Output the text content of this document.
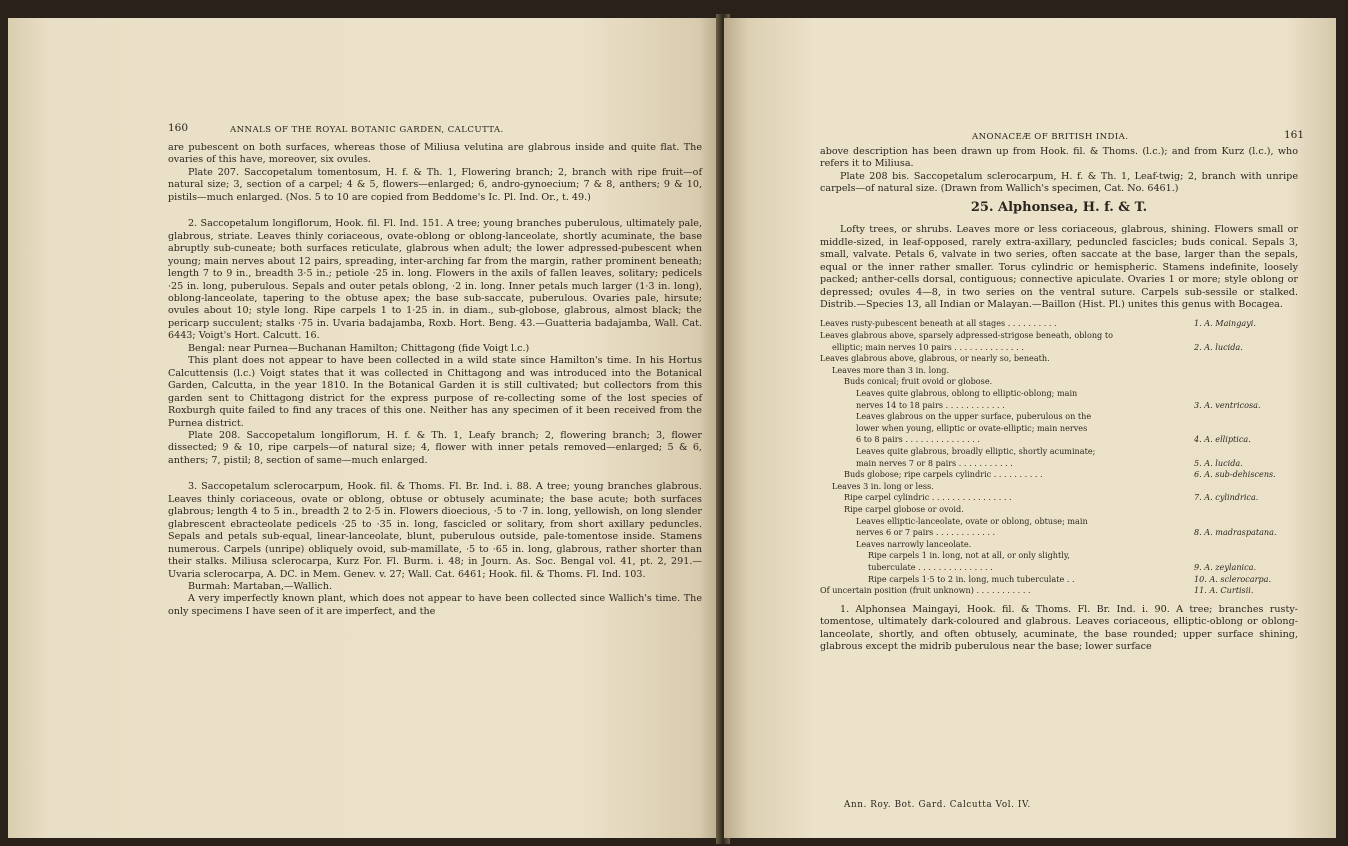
160	ANNALS OF THE ROYAL BOTANIC GARDEN, CALCUTTA.

are pubescent on both surfaces, whereas those of Miliusa velutina are glabrous inside and quite flat. The ovaries of this have, moreover, six ovules.

Plate 207. Saccopetalum tomentosum, H. f. & Th. 1, Flowering branch; 2, branch with ripe fruit—of natural size; 3, section of a carpel; 4 & 5, flowers—enlarged; 6, andro-gynoecium; 7 & 8, anthers; 9 & 10, pistils—much enlarged. (Nos. 5 to 10 are copied from Beddome's Ic. Pl. Ind. Or., t. 49.)

2. Saccopetalum longiflorum, Hook. fil. Fl. Ind. 151. A tree; young branches puberulous, ultimately pale, glabrous, striate. Leaves thinly coriaceous, ovate-oblong or oblong-lanceolate, shortly acuminate, the base abruptly sub-cuneate; both surfaces reticulate, glabrous when adult; the lower adpressed-pubescent when young; main nerves about 12 pairs, spreading, inter-arching far from the margin, rather prominent beneath; length 7 to 9 in., breadth 3·5 in.; petiole ·25 in. long. Flowers in the axils of fallen leaves, solitary; pedicels ·25 in. long, puberulous. Sepals and outer petals oblong, ·2 in. long. Inner petals much larger (1·3 in. long), oblong-lanceolate, tapering to the obtuse apex; the base sub-saccate, puberulous. Ovaries pale, hirsute; ovules about 10; style long. Ripe carpels 1 to 1·25 in. in diam., sub-globose, glabrous, almost black; the pericarp succulent; stalks ·75 in. Uvaria badajamba, Roxb. Hort. Beng. 43.—Guatteria badajamba, Wall. Cat. 6443; Voigt's Hort. Calcutt. 16.

Bengal: near Purnea—Buchanan Hamilton; Chittagong (fide Voigt l.c.)

This plant does not appear to have been collected in a wild state since Hamilton's time. In his Hortus Calcuttensis (l.c.) Voigt states that it was collected in Chittagong and was introduced into the Botanical Garden, Calcutta, in the year 1810. In the Botanical Garden it is still cultivated; but collectors from this garden sent to Chittagong district for the express purpose of re-collecting some of the lost species of Roxburgh quite failed to find any traces of this one. Neither has any specimen of it been received from the Purnea district.

Plate 208. Saccopetalum longiflorum, H. f. & Th. 1, Leafy branch; 2, flowering branch; 3, flower dissected; 9 & 10, ripe carpels—of natural size; 4, flower with inner petals removed—enlarged; 5 & 6, anthers; 7, pistil; 8, section of same—much enlarged.

3. Saccopetalum sclerocarpum, Hook. fil. & Thoms. Fl. Br. Ind. i. 88. A tree; young branches glabrous. Leaves thinly coriaceous, ovate or oblong, obtuse or obtusely acuminate; the base acute; both surfaces glabrous; length 4 to 5 in., breadth 2 to 2·5 in. Flowers dioecious, ·5 to ·7 in. long, yellowish, on long slender glabrescent ebracteolate pedicels ·25 to ·35 in. long, fascicled or solitary, from short axillary peduncles. Sepals and petals sub-equal, linear-lanceolate, blunt, puberulous outside, pale-tomentose inside. Stamens numerous. Carpels (unripe) obliquely ovoid, sub-mamillate, ·5 to ·65 in. long, glabrous, rather shorter than their stalks. Miliusa sclerocarpa, Kurz For. Fl. Burm. i. 48; in Journ. As. Soc. Bengal vol. 41, pt. 2, 291.—Uvaria sclerocarpa, A. DC. in Mem. Genev. v. 27; Wall. Cat. 6461; Hook. fil. & Thoms. Fl. Ind. 103.

Burmah: Martaban,—Wallich.

A very imperfectly known plant, which does not appear to have been collected since Wallich's time. The only specimens I have seen of it are imperfect, and the

ANONACEÆ OF BRITISH INDIA.	161

above description has been drawn up from Hook. fil. & Thoms. (l.c.); and from Kurz (l.c.), who refers it to Miliusa.

Plate 208 bis. Saccopetalum sclerocarpum, H. f. & Th. 1, Leaf-twig; 2, branch with unripe carpels—of natural size. (Drawn from Wallich's specimen, Cat. No. 6461.)

25. Alphonsea, H. f. & T.

Lofty trees, or shrubs. Leaves more or less coriaceous, glabrous, shining. Flowers small or middle-sized, in leaf-opposed, rarely extra-axillary, peduncled fascicles; buds conical. Sepals 3, small, valvate. Petals 6, valvate in two series, often saccate at the base, larger than the sepals, equal or the inner rather smaller. Torus cylindric or hemispheric. Stamens indefinite, loosely packed; anther-cells dorsal, contiguous; connective apiculate. Ovaries 1 or more; style oblong or depressed; ovules 4—8, in two series on the ventral suture. Carpels sub-sessile or stalked. Distrib.—Species 13, all Indian or Malayan.—Baillon (Hist. Pl.) unites this genus with Bocagea.

Leaves rusty-pubescent beneath at all stages . . . . . . . . . .	1. A. Maingayi.
Leaves glabrous above, sparsely adpressed-strigose beneath, oblong to
elliptic; main nerves 10 pairs . . . . . . . . . . . . . .	2. A. lucida.
Leaves glabrous above, glabrous, or nearly so, beneath.
Leaves more than 3 in. long.
Buds conical; fruit ovoid or globose.
Leaves quite glabrous, oblong to elliptic-oblong; main
nerves 14 to 18 pairs . . . . . . . . . . . .	3. A. ventricosa.
Leaves glabrous on the upper surface, puberulous on the
lower when young, elliptic or ovate-elliptic; main nerves
6 to 8 pairs . . . . . . . . . . . . . . .	4. A. elliptica.
Leaves quite glabrous, broadly elliptic, shortly acuminate;
main nerves 7 or 8 pairs . . . . . . . . . . .	5. A. lucida.
Buds globose; ripe carpels cylindric . . . . . . . . . .	6. A. sub-dehiscens.
Leaves 3 in. long or less.
Ripe carpel cylindric . . . . . . . . . . . . . . . .	7. A. cylindrica.
Ripe carpel globose or ovoid.
Leaves elliptic-lanceolate, ovate or oblong, obtuse; main
nerves 6 or 7 pairs . . . . . . . . . . . .	8. A. madraspatana.
Leaves narrowly lanceolate.
Ripe carpels 1 in. long, not at all, or only slightly,
tuberculate . . . . . . . . . . . . . . .	9. A. zeylanica.
Ripe carpels 1·5 to 2 in. long, much tuberculate . .	10. A. sclerocarpa.
Of uncertain position (fruit unknown) . . . . . . . . . . .	11. A. Curtisii.

1. Alphonsea Maingayi, Hook. fil. & Thoms. Fl. Br. Ind. i. 90. A tree; branches rusty-tomentose, ultimately dark-coloured and glabrous. Leaves coriaceous, elliptic-oblong or oblong-lanceolate, shortly, and often obtusely, acuminate, the base rounded; upper surface shining, glabrous except the midrib puberulous near the base; lower surface

Ann. Roy. Bot. Gard. Calcutta Vol. IV.
